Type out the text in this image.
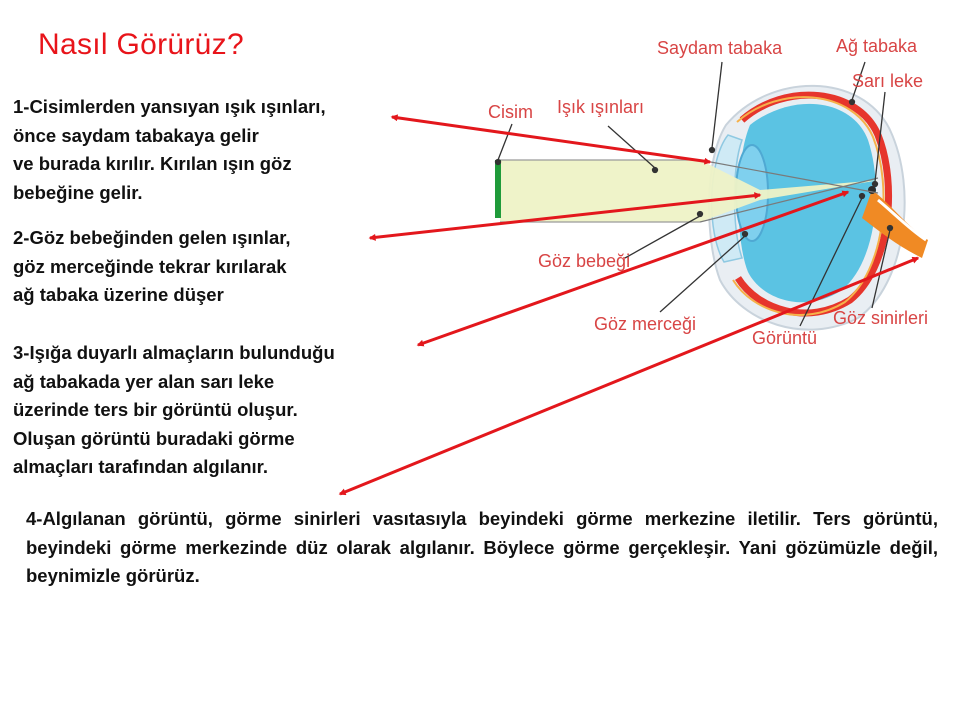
Nasıl Görürüz?	Saydam tabaka	Ağ tabaka
Sarı leke
Cisim Işık ışınları
Göz bebeği
Göz merceği
Görüntü
Göz sinirleri
1-Cisimlerden yansıyan ışık ışınları,
önce saydam tabakaya gelir
ve burada kırılır. Kırılan ışın göz
bebeğine gelir.
2-Göz bebeğinden gelen ışınlar,
göz merceğinde tekrar kırılarak
ağ tabaka üzerine düşer
3-Işığa duyarlı almaçların bulunduğu
ağ tabakada yer alan sarı leke
üzerinde ters bir görüntü oluşur.
Oluşan görüntü buradaki görme
almaçları tarafından algılanır.
4-Algılanan görüntü, görme sinirleri vasıtasıyla beyindeki görme merkezine iletilir. Ters görüntü, beyindeki görme merkezinde düz olarak algılanır. Böylece görme gerçekleşir. Yani gözümüzle değil, beynimizle görürüz.
